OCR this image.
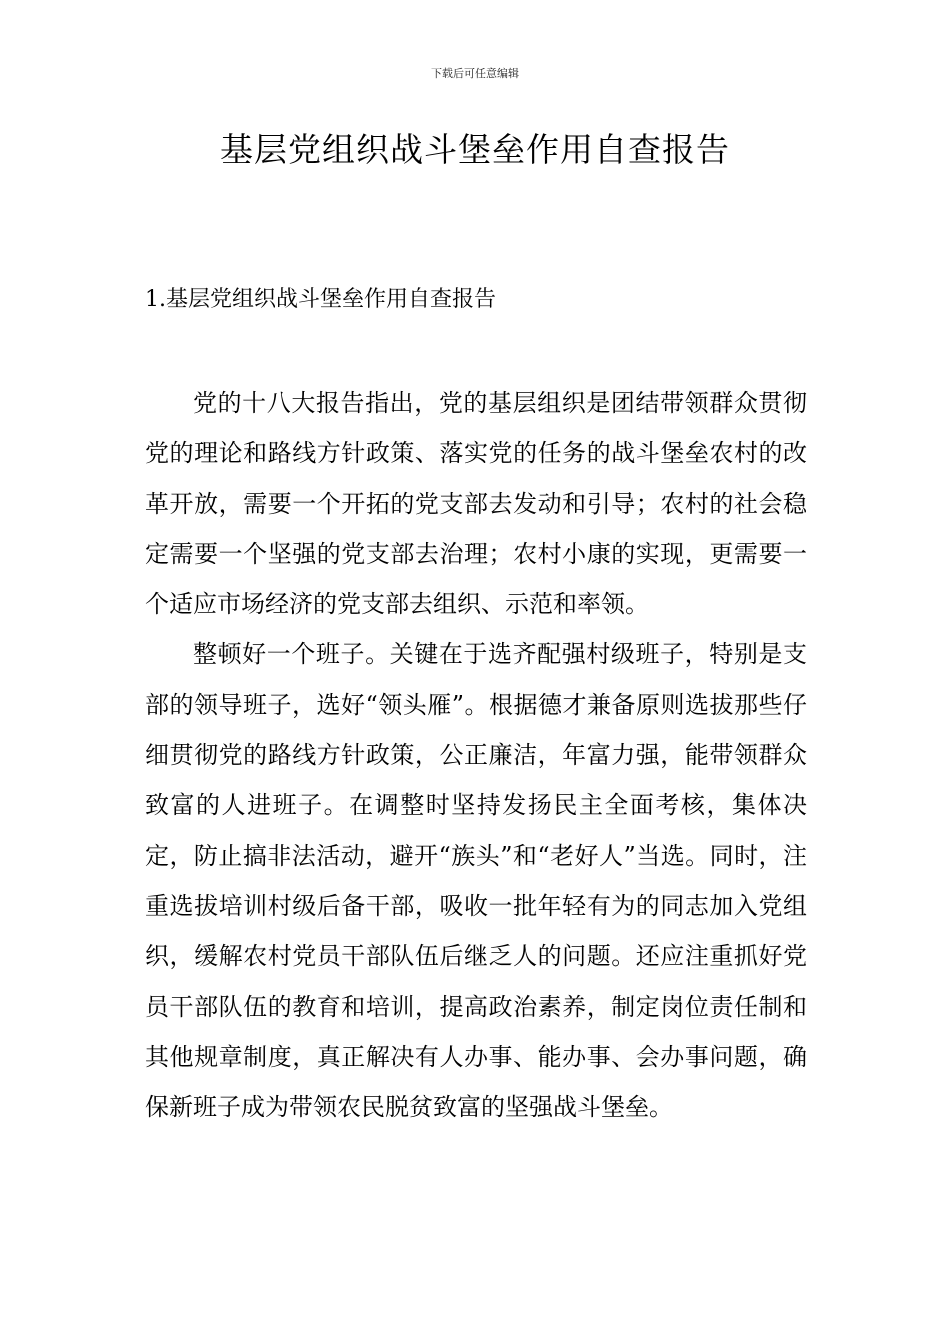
下载后可任意编辑
基层党组织战斗堡垒作用自查报告
1.基层党组织战斗堡垒作用自查报告

党的十八大报告指出，党的基层组织是团结带领群众贯彻党的理论和路线方针政策、落实党的任务的战斗堡垒农村的改革开放，需要一个开拓的党支部去发动和引导；农村的社会稳定需要一个坚强的党支部去治理；农村小康的实现，更需要一个适应市场经济的党支部去组织、示范和率领。

整顿好一个班子。关键在于选齐配强村级班子，特别是支部的领导班子，选好“领头雁”。根据德才兼备原则选拔那些仔细贯彻党的路线方针政策，公正廉洁，年富力强，能带领群众致富的人进班子。在调整时坚持发扬民主全面考核，集体决定，防止搞非法活动，避开“族头”和“老好人”当选。同时，注重选拔培训村级后备干部，吸收一批年轻有为的同志加入党组织，缓解农村党员干部队伍后继乏人的问题。还应注重抓好党员干部队伍的教育和培训，提高政治素养，制定岗位责任制和其他规章制度，真正解决有人办事、能办事、会办事问题，确保新班子成为带领农民脱贫致富的坚强战斗堡垒。
